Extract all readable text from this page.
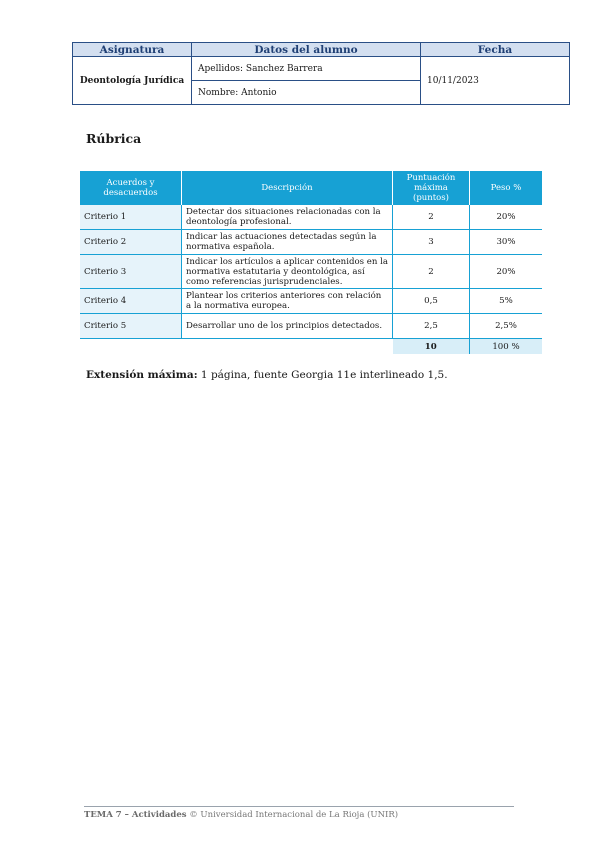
Asignatura	Datos del alumno	Fecha
Deontología Jurídica	Apellidos: Sanchez Barrera	10/11/2023
	Nombre: Antonio	
Rúbrica
Acuerdos y desacuerdos	Descripción	Puntuación máxima (puntos)	Peso %
Criterio 1	Detectar dos situaciones relacionadas con la deontología profesional.	2	20%
Criterio 2	Indicar las actuaciones detectadas según la normativa española.	3	30%
Criterio 3	Indicar los artículos a aplicar contenidos en la normativa estatutaria y deontológica, así como referencias jurisprudenciales.	2	20%
Criterio 4	Plantear los criterios anteriores con relación a la normativa europea.	0,5	5%
Criterio 5	Desarrollar uno de los principios detectados.	2,5	2,5%
		10	100 %
Extensión máxima: 1 página, fuente Georgia 11e interlineado 1,5.
TEMA 7 – Actividades © Universidad Internacional de La Rioja (UNIR)
